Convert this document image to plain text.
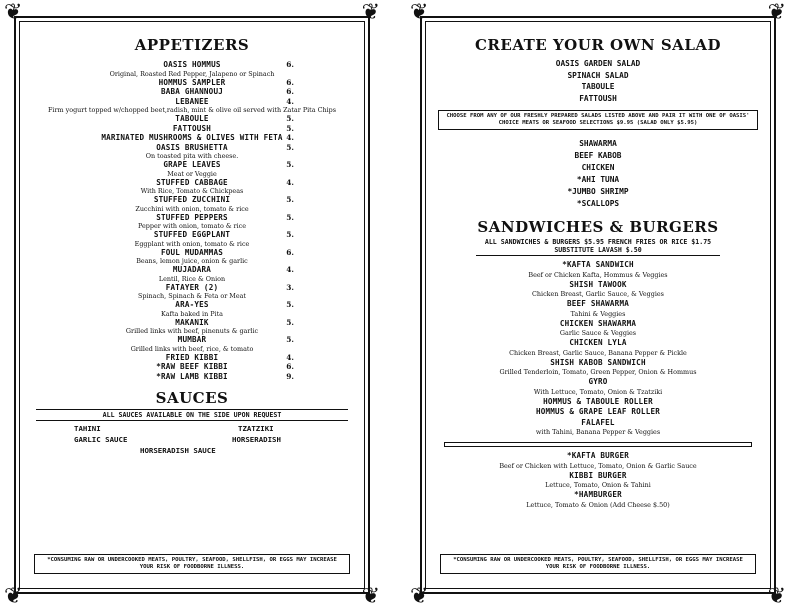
❦	❦
❦	❦
APPETIZERS
OASIS HOMMUS	6.
Original, Roasted Red Pepper, Jalapeno or Spinach
HOMMUS SAMPLER	6.
BABA GHANNOUJ	6.
LEBANEE	4.
Firm yogurt topped w/chopped beet,radish, mint & olive oil served with Zatar Pita Chips
TABOULE	5.
FATTOUSH	5.
MARINATED MUSHROOMS & OLIVES WITH FETA 4.
OASIS BRUSHETTA	5.
On toasted pita with cheese.
GRAPE LEAVES	5.
Meat or Veggie
STUFFED CABBAGE	4.
With Rice, Tomato & Chickpeas
STUFFED ZUCCHINI	5.
Zucchini with onion, tomato & rice
STUFFED PEPPERS	5.
Pepper with onion, tomato & rice
STUFFED EGGPLANT	5.
Eggplant with onion, tomato & rice
FOUL MUDAMMAS	6.
Beans, lemon juice, onion & garlic
MUJADARA	4.
Lentil, Rice & Onion
FATAYER (2)	3.
Spinach, Spinach & Feta or Meat
ARA-YES	5.
Kafta baked in Pita
MAKANIK	5.
Grilled links with beef, pinenuts & garlic
MUMBAR	5.
Grilled links with beef, rice, & tomato
FRIED KIBBI	4.
*RAW BEEF KIBBI	6.
*RAW LAMB KIBBI	9.
SAUCES
ALL SAUCES AVAILABLE ON THE SIDE UPON REQUEST
TAHINI	TZATZIKI
GARLIC SAUCE	HORSERADISH
HORSERADISH SAUCE
*CONSUMING RAW OR UNDERCOOKED MEATS, POULTRY, SEAFOOD, SHELLFISH, OR EGGS MAY INCREASE YOUR RISK OF FOODBORNE ILLNESS.
❦	❦
❦	❦
CREATE YOUR OWN SALAD
OASIS GARDEN SALAD
SPINACH SALAD
TABOULE
FATTOUSH
CHOOSE FROM ANY OF OUR FRESHLY PREPARED SALADS LISTED ABOVE AND PAIR IT WITH ONE OF OASIS' CHOICE MEATS OR SEAFOOD SELECTIONS $9.95 (SALAD ONLY $5.95)
SHAWARMA
BEEF KABOB
CHICKEN
*AHI TUNA
*JUMBO SHRIMP
*SCALLOPS
SANDWICHES & BURGERS
ALL SANDWICHES & BURGERS $5.95 FRENCH FRIES OR RICE $1.75
SUBSTITUTE LAVASH $.50
*KAFTA SANDWICH
Beef or Chicken Kafta, Hommus & Veggies
SHISH TAWOOK
Chicken Breast, Garlic Sauce, & Veggies
BEEF SHAWARMA
Tahini & Veggies
CHICKEN SHAWARMA
Garlic Sauce & Veggies
CHICKEN LYLA
Chicken Breast, Garlic Sauce, Banana Pepper & Pickle
SHISH KABOB SANDWICH
Grilled Tenderloin, Tomato, Green Pepper, Onion & Hommus
GYRO
With Lettuce, Tomato, Onion & Tzatziki
HOMMUS & TABOULE ROLLER
HOMMUS & GRAPE LEAF ROLLER
FALAFEL
with Tahini, Banana Pepper & Veggies
*KAFTA BURGER
Beef or Chicken with Lettuce, Tomato, Onion & Garlic Sauce
KIBBI BURGER
Lettuce, Tomato, Onion & Tahini
*HAMBURGER
Lettuce, Tomato & Onion (Add Cheese $.50)
*CONSUMING RAW OR UNDERCOOKED MEATS, POULTRY, SEAFOOD, SHELLFISH, OR EGGS MAY INCREASE YOUR RISK OF FOODBORNE ILLNESS.
